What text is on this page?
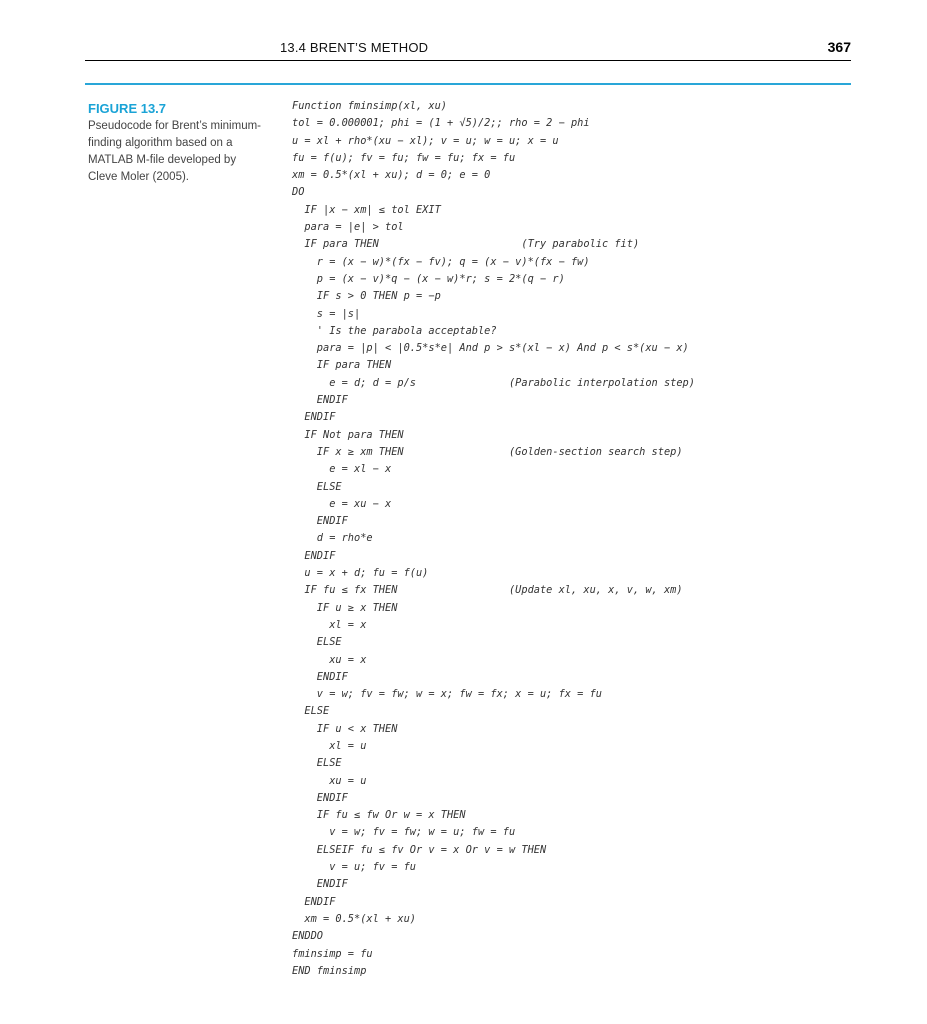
13.4 BRENT’S METHOD	367
FIGURE 13.7
Pseudocode for Brent’s minimum-finding algorithm based on a MATLAB M-file developed by Cleve Moler (2005).
Function fminsimp(xl, xu)
tol = 0.000001; phi = (1 + √5)/2;; rho = 2 − phi
u = xl + rho*(xu − xl); v = u; w = u; x = u
fu = f(u); fv = fu; fw = fu; fx = fu
xm = 0.5*(xl + xu); d = 0; e = 0
DO
IF |x − xm| ≤ tol EXIT
para = |e| > tol
IF para THEN                       (Try parabolic fit)
r = (x − w)*(fx − fv); q = (x − v)*(fx − fw)
p = (x − v)*q − (x − w)*r; s = 2*(q − r)
IF s > 0 THEN p = −p
s = |s|
' Is the parabola acceptable?
para = |p| < |0.5*s*e| And p > s*(xl − x) And p < s*(xu − x)
IF para THEN
e = d; d = p/s               (Parabolic interpolation step)
ENDIF
ENDIF
IF Not para THEN
IF x ≥ xm THEN                 (Golden-section search step)
e = xl − x
ELSE
e = xu − x
ENDIF
d = rho*e
ENDIF
u = x + d; fu = f(u)
IF fu ≤ fx THEN                  (Update xl, xu, x, v, w, xm)
IF u ≥ x THEN
xl = x
ELSE
xu = x
ENDIF
v = w; fv = fw; w = x; fw = fx; x = u; fx = fu
ELSE
IF u < x THEN
xl = u
ELSE
xu = u
ENDIF
IF fu ≤ fw Or w = x THEN
v = w; fv = fw; w = u; fw = fu
ELSEIF fu ≤ fv Or v = x Or v = w THEN
v = u; fv = fu
ENDIF
ENDIF
xm = 0.5*(xl + xu)
ENDDO
fminsimp = fu
END fminsimp
